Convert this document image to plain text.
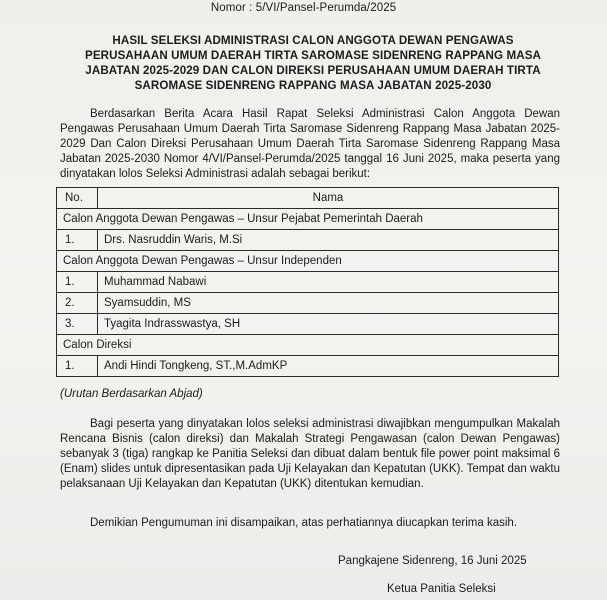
Nomor : 5/VI/Pansel-Perumda/2025
HASIL SELEKSI ADMINISTRASI CALON ANGGOTA DEWAN PENGAWAS
PERUSAHAAN UMUM DAERAH TIRTA SAROMASE SIDENRENG RAPPANG MASA
JABATAN 2025-2029 DAN CALON DIREKSI PERUSAHAAN UMUM DAERAH TIRTA
SAROMASE SIDENRENG RAPPANG MASA JABATAN 2025-2030
Berdasarkan Berita Acara Hasil Rapat Seleksi Administrasi Calon Anggota Dewan Pengawas Perusahaan Umum Daerah Tirta Saromase Sidenreng Rappang Masa Jabatan 2025-2029 Dan Calon Direksi Perusahaan Umum Daerah Tirta Saromase Sidenreng Rappang Masa Jabatan 2025-2030 Nomor 4/VI/Pansel-Perumda/2025 tanggal 16 Juni 2025, maka peserta yang dinyatakan lolos Seleksi Administrasi adalah sebagai berikut:
No.	Nama
Calon Anggota Dewan Pengawas – Unsur Pejabat Pemerintah Daerah	
1.	Drs. Nasruddin Waris, M.Si
Calon Anggota Dewan Pengawas – Unsur Independen	
1.	Muhammad Nabawi
2.	Syamsuddin, MS
3.	Tyagita Indrasswastya, SH
Calon Direksi	
1.	Andi Hindi Tongkeng, ST.,M.AdmKP
(Urutan Berdasarkan Abjad)
Bagi peserta yang dinyatakan lolos seleksi administrasi diwajibkan mengumpulkan Makalah Rencana Bisnis (calon direksi) dan Makalah Strategi Pengawasan (calon Dewan Pengawas) sebanyak 3 (tiga) rangkap ke Panitia Seleksi dan dibuat dalam bentuk file power point maksimal 6 (Enam) slides untuk dipresentasikan pada Uji Kelayakan dan Kepatutan (UKK). Tempat dan waktu pelaksanaan Uji Kelayakan dan Kepatutan (UKK) ditentukan kemudian.
Demikian Pengumuman ini disampaikan, atas perhatiannya diucapkan terima kasih.
Pangkajene Sidenreng, 16 Juni 2025
Ketua Panitia Seleksi
